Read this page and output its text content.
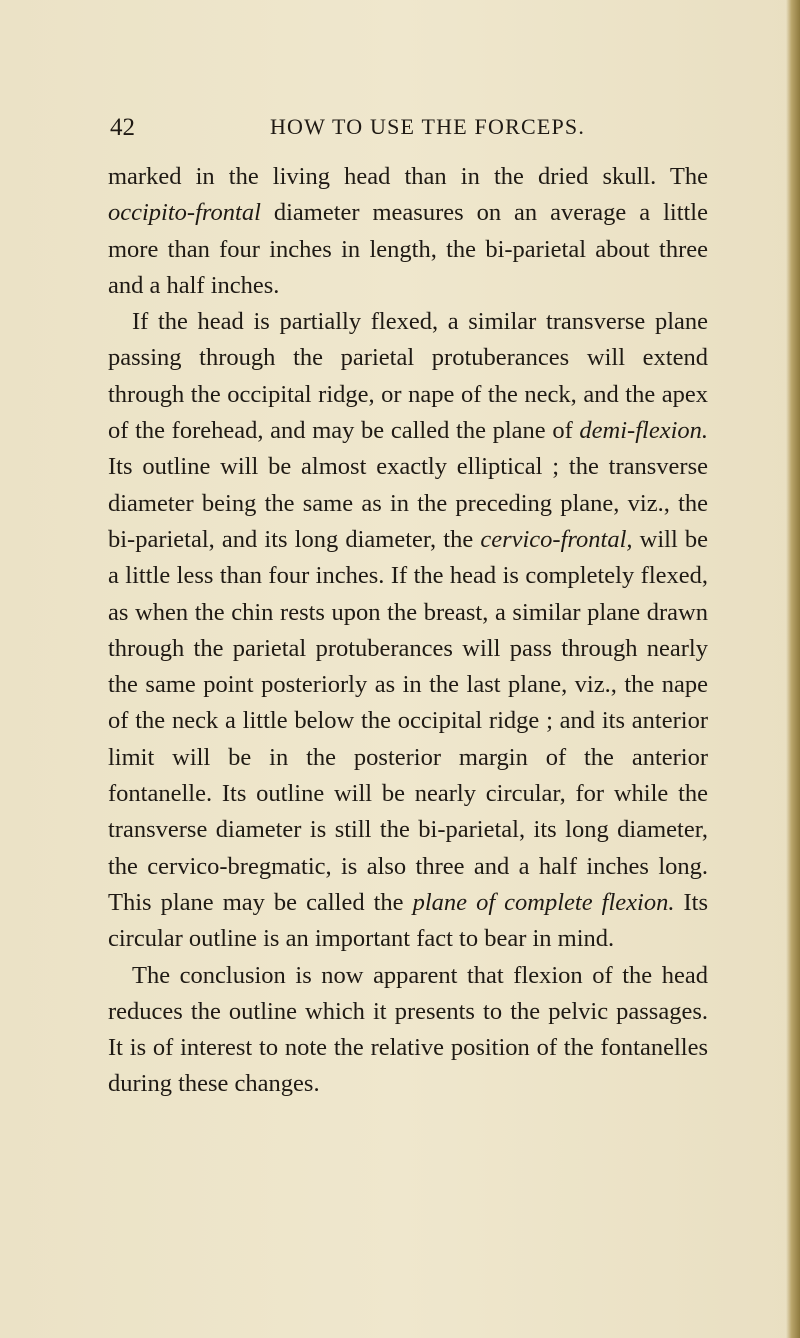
42	HOW TO USE THE FORCEPS.

marked in the living head than in the dried skull. The occipito-frontal diameter measures on an average a little more than four inches in length, the bi-parietal about three and a half inches.

If the head is partially flexed, a similar transverse plane passing through the parietal protuberances will extend through the occipital ridge, or nape of the neck, and the apex of the forehead, and may be called the plane of demi-flexion. Its outline will be almost exactly elliptical ; the transverse diameter being the same as in the preceding plane, viz., the bi-parietal, and its long diameter, the cervico-frontal, will be a little less than four inches. If the head is completely flexed, as when the chin rests upon the breast, a similar plane drawn through the parietal protuberances will pass through nearly the same point posteriorly as in the last plane, viz., the nape of the neck a little below the occipital ridge ; and its anterior limit will be in the posterior margin of the anterior fontanelle. Its outline will be nearly circular, for while the transverse diameter is still the bi-parietal, its long diameter, the cervico-bregmatic, is also three and a half inches long. This plane may be called the plane of complete flexion. Its circular outline is an important fact to bear in mind.

The conclusion is now apparent that flexion of the head reduces the outline which it presents to the pelvic passages. It is of interest to note the relative position of the fontanelles during these changes.
